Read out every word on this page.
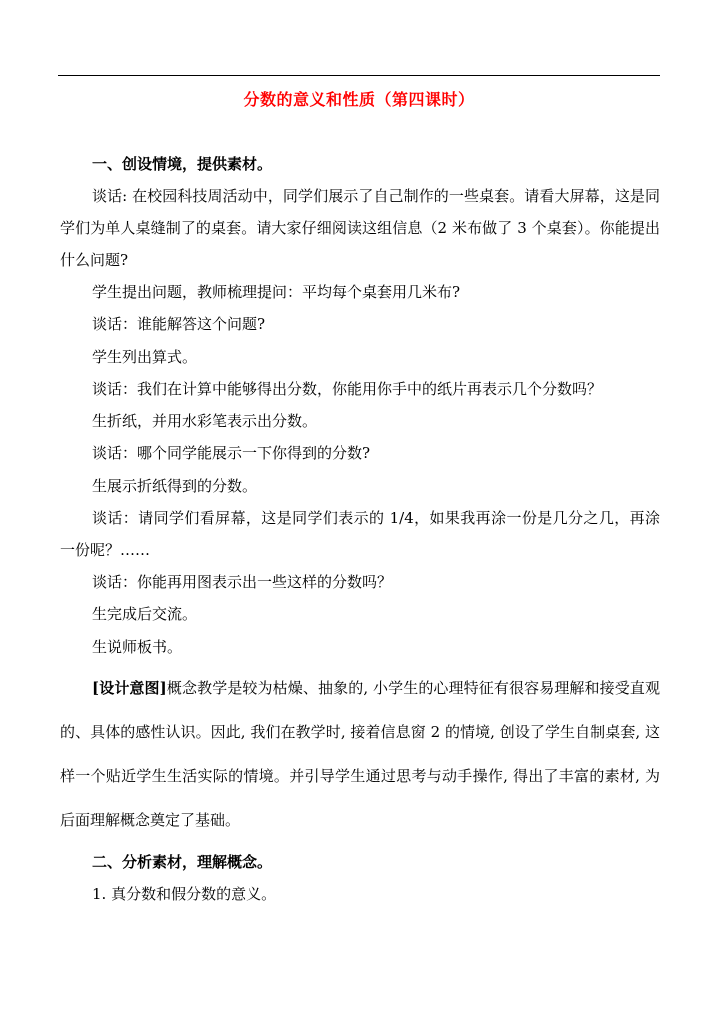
分数的意义和性质（第四课时）

一、创设情境，提供素材。

谈话: 在校园科技周活动中，同学们展示了自己制作的一些桌套。请看大屏幕，这是同学们为单人桌缝制了的桌套。请大家仔细阅读这组信息（2 米布做了 3 个桌套）。你能提出什么问题?

学生提出问题，教师梳理提问：平均每个桌套用几米布?

谈话：谁能解答这个问题?

学生列出算式。

谈话：我们在计算中能够得出分数，你能用你手中的纸片再表示几个分数吗？

生折纸，并用水彩笔表示出分数。

谈话：哪个同学能展示一下你得到的分数?

生展示折纸得到的分数。

谈话：请同学们看屏幕，这是同学们表示的 1/4，如果我再涂一份是几分之几，再涂一份呢？……

谈话：你能再用图表示出一些这样的分数吗？

生完成后交流。

生说师板书。

[设计意图]概念教学是较为枯燥、抽象的, 小学生的心理特征有很容易理解和接受直观的、具体的感性认识。因此, 我们在教学时, 接着信息窗 2 的情境, 创设了学生自制桌套, 这样一个贴近学生生活实际的情境。并引导学生通过思考与动手操作, 得出了丰富的素材, 为后面理解概念奠定了基础。

二、分析素材，理解概念。

1. 真分数和假分数的意义。
